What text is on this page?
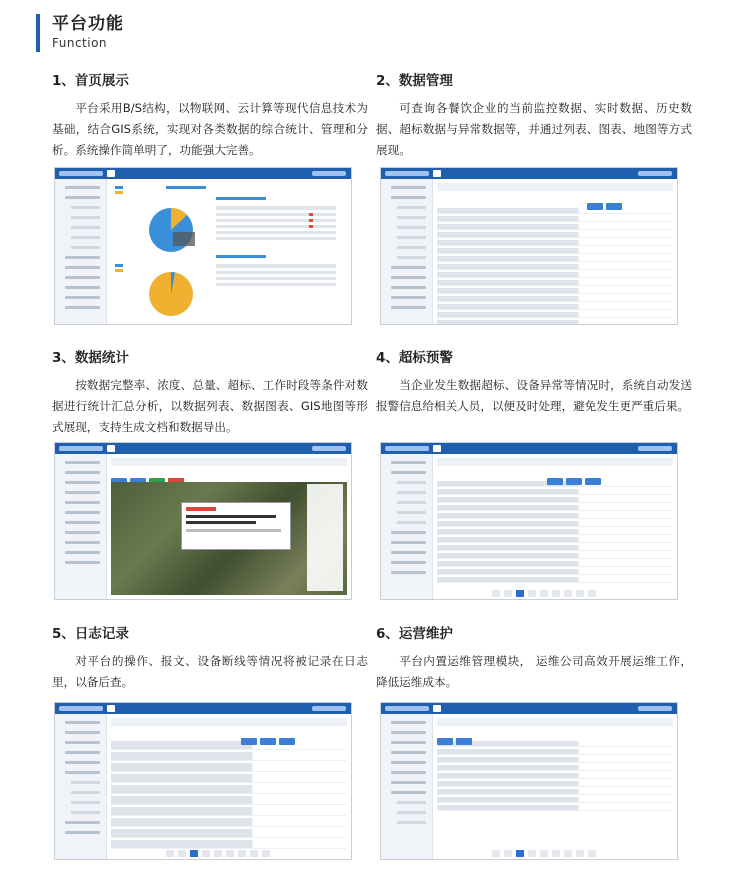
平台功能
Function
1、首页展示
平台采用B/S结构，以物联网、云计算等现代信息技术为基础，结合GIS系统，实现对各类数据的综合统计、管理和分析。系统操作简单明了，功能强大完善。
2、数据管理
可查询各餐饮企业的当前监控数据、实时数据、历史数据、超标数据与异常数据等，并通过列表、图表、地图等方式展现。
3、数据统计
按数据完整率、浓度、总量、超标、工作时段等条件对数据进行统计汇总分析，以数据列表、数据图表、GIS地图等形式展现，支持生成文档和数据导出。
4、超标预警
当企业发生数据超标、设备异常等情况时，系统自动发送报警信息给相关人员，以便及时处理，避免发生更严重后果。
5、日志记录
对平台的操作、报文、设备断线等情况将被记录在日志里，以备后查。
6、运营维护
平台内置运维管理模块， 运维公司高效开展运维工作，降低运维成本。
